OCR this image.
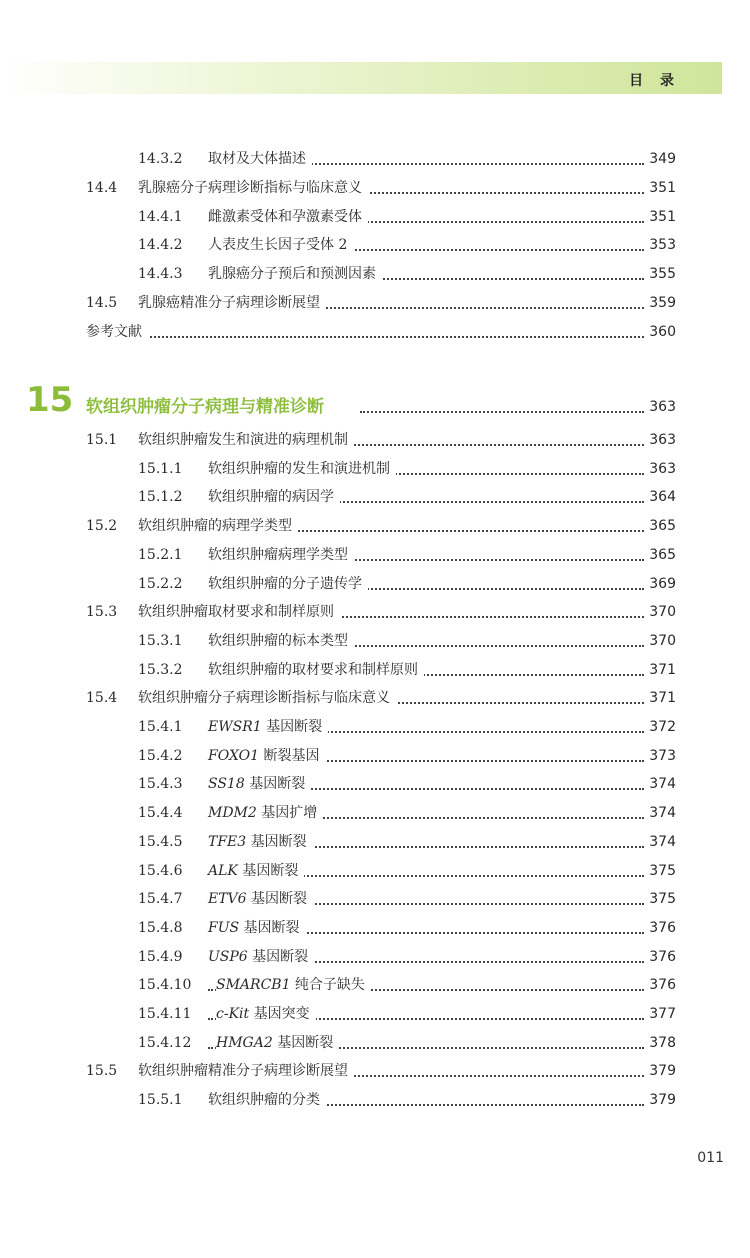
目 录
14.3.2 取材及大体描述	349
14.4 乳腺癌分子病理诊断指标与临床意义	351
14.4.1 雌激素受体和孕激素受体	351
14.4.2 人表皮生长因子受体 2	353
14.4.3 乳腺癌分子预后和预测因素	355
14.5 乳腺癌精准分子病理诊断展望	359
参考文献	360
15 软组织肿瘤分子病理与精准诊断	363
15.1 软组织肿瘤发生和演进的病理机制	363
15.1.1 软组织肿瘤的发生和演进机制	363
15.1.2 软组织肿瘤的病因学	364
15.2 软组织肿瘤的病理学类型	365
15.2.1 软组织肿瘤病理学类型	365
15.2.2 软组织肿瘤的分子遗传学	369
15.3 软组织肿瘤取材要求和制样原则	370
15.3.1 软组织肿瘤的标本类型	370
15.3.2 软组织肿瘤的取材要求和制样原则	371
15.4 软组织肿瘤分子病理诊断指标与临床意义	371
15.4.1 EWSR1 基因断裂	372
15.4.2 FOXO1 断裂基因	373
15.4.3 SS18 基因断裂	374
15.4.4 MDM2 基因扩增	374
15.4.5 TFE3 基因断裂	374
15.4.6 ALK 基因断裂	375
15.4.7 ETV6 基因断裂	375
15.4.8 FUS 基因断裂	376
15.4.9 USP6 基因断裂	376
15.4.10 SMARCB1 纯合子缺失	376
15.4.11 c-Kit 基因突变	377
15.4.12 HMGA2 基因断裂	378
15.5 软组织肿瘤精准分子病理诊断展望	379
15.5.1 软组织肿瘤的分类	379
011
